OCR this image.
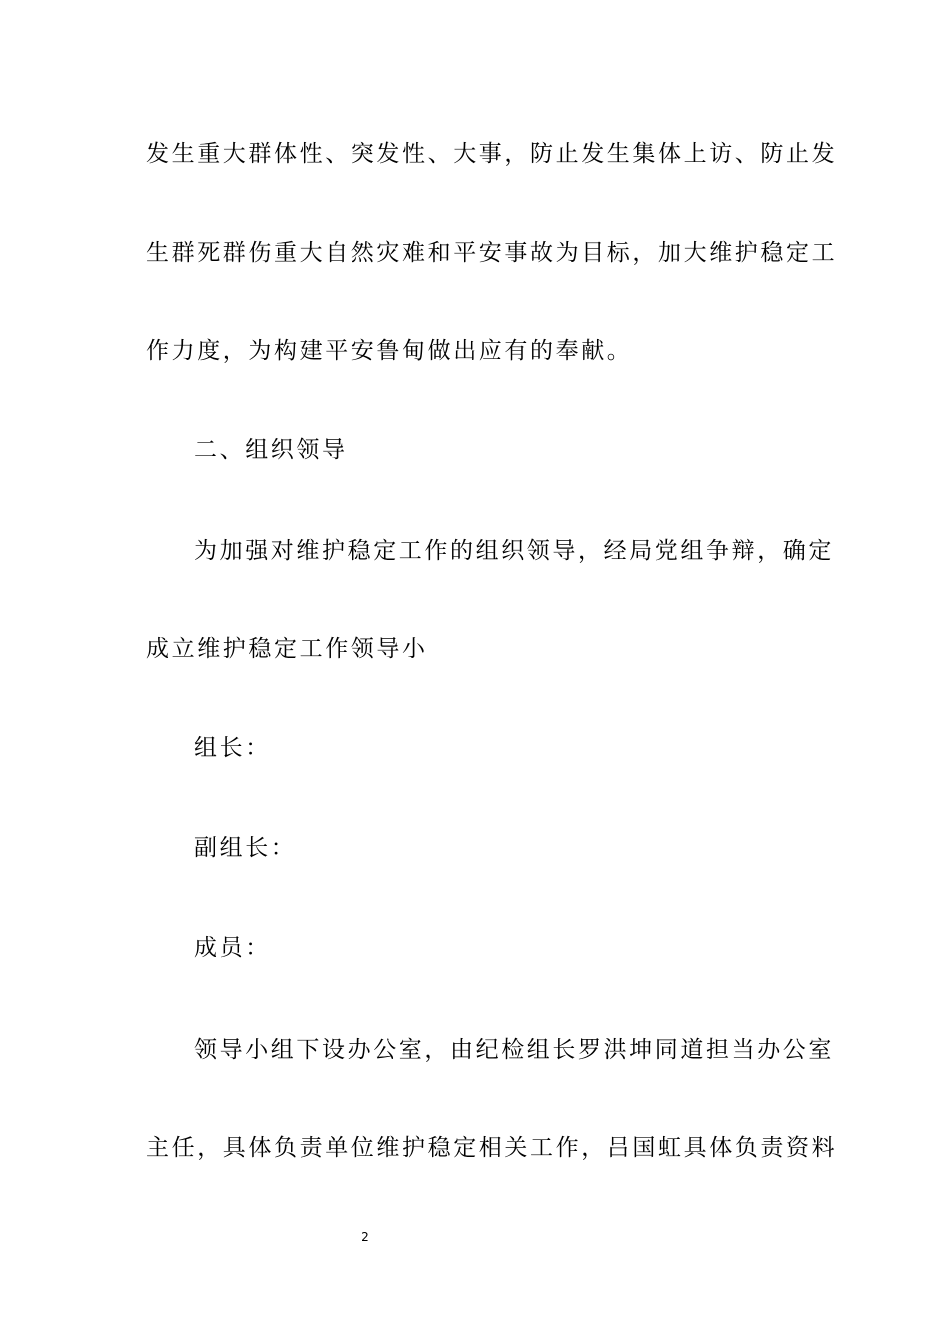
发生重大群体性、突发性、大事，防止发生集体上访、防止发
生群死群伤重大自然灾难和平安事故为目标，加大维护稳定工
作力度，为构建平安鲁甸做出应有的奉献。
二、组织领导
为加强对维护稳定工作的组织领导，经局党组争辩，确定
成立维护稳定工作领导小
组长：
副组长：
成员：
领导小组下设办公室，由纪检组长罗洪坤同道担当办公室
主任，具体负责单位维护稳定相关工作，吕国虹具体负责资料
2
